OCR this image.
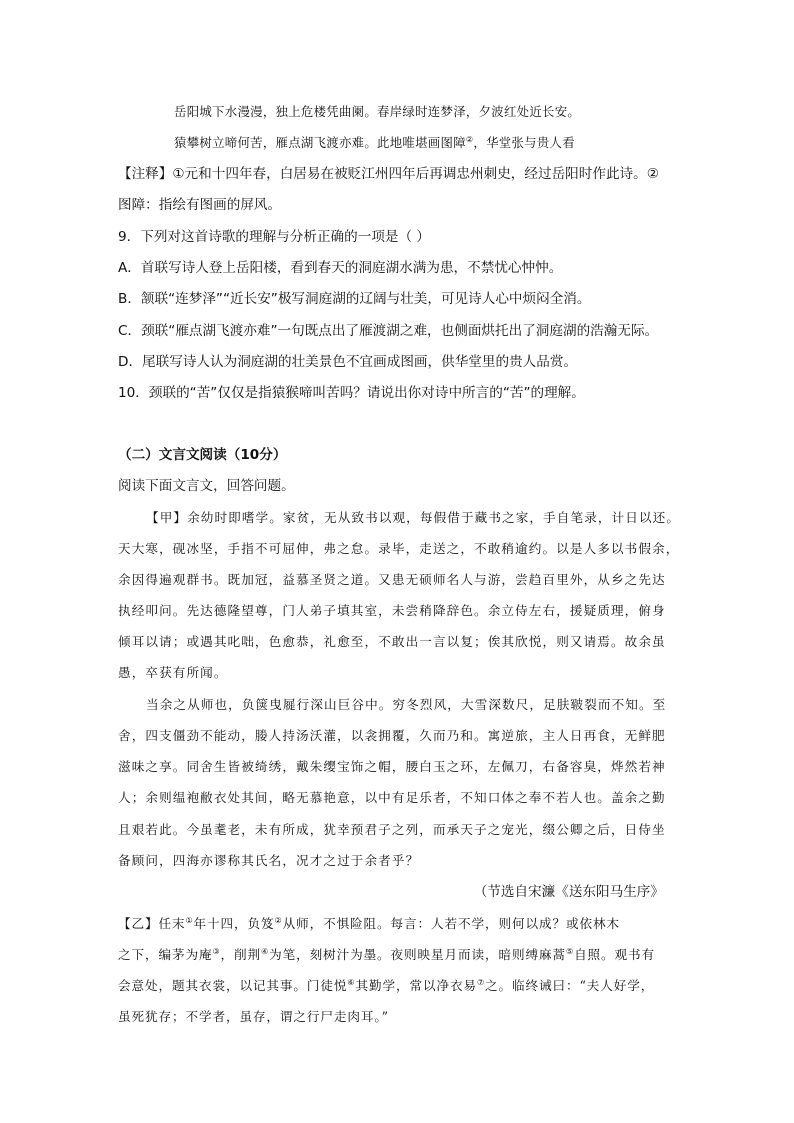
岳阳城下水漫漫，独上危楼凭曲阑。春岸绿时连梦泽，夕波红处近长安。
猿攀树立啼何苦，雁点湖飞渡亦难。此地唯堪画图障②，华堂张与贵人看
【注释】①元和十四年春，白居易在被贬江州四年后再调忠州刺史，经过岳阳时作此诗。②
图障：指绘有图画的屏风。
9．下列对这首诗歌的理解与分析正确的一项是（ ）
A．首联写诗人登上岳阳楼，看到春天的洞庭湖水满为患，不禁忧心忡忡。
B．颔联“连梦泽”“近长安”极写洞庭湖的辽阔与壮美，可见诗人心中烦闷全消。
C．颈联“雁点湖飞渡亦难”一句既点出了雁渡湖之难，也侧面烘托出了洞庭湖的浩瀚无际。
D．尾联写诗人认为洞庭湖的壮美景色不宜画成图画，供华堂里的贵人品赏。
10．颈联的“苦”仅仅是指猿猴啼叫苦吗？请说出你对诗中所言的“苦”的理解。
（二）文言文阅读（10分）
阅读下面文言文，回答问题。
【甲】余幼时即嗜学。家贫，无从致书以观，每假借于藏书之家，手自笔录，计日以还。
天大寒，砚冰坚，手指不可屈伸，弗之怠。录毕，走送之，不敢稍逾约。以是人多以书假余，
余因得遍观群书。既加冠，益慕圣贤之道。又患无硕师名人与游，尝趋百里外，从乡之先达
执经叩问。先达德隆望尊，门人弟子填其室，未尝稍降辞色。余立侍左右，援疑质理，俯身
倾耳以请；或遇其叱咄，色愈恭，礼愈至，不敢出一言以复；俟其欣悦，则又请焉。故余虽
愚，卒获有所闻。
当余之从师也，负箧曳屣行深山巨谷中。穷冬烈风，大雪深数尺，足肤皲裂而不知。至
舍，四支僵劲不能动，媵人持汤沃灌，以衾拥覆，久而乃和。寓逆旅，主人日再食，无鲜肥
滋味之享。同舍生皆被绮绣，戴朱缨宝饰之帽，腰白玉之环，左佩刀，右备容臭，烨然若神
人；余则缊袍敝衣处其间，略无慕艳意，以中有足乐者，不知口体之奉不若人也。盖余之勤
且艰若此。今虽耄老，未有所成，犹幸预君子之列，而承天子之宠光，缀公卿之后，日侍坐
备顾问，四海亦谬称其氏名，况才之过于余者乎？
（节选自宋濂《送东阳马生序》
【乙】任末①年十四，负笈②从师，不惧险阻。每言：人若不学，则何以成？或依林木
之下，编茅为庵③，削荆④为笔，刻树汁为墨。夜则映星月而读，暗则缚麻蒿⑤自照。观书有
会意处，题其衣裳，以记其事。门徒悦⑥其勤学，常以净衣易⑦之。临终诫曰：“夫人好学，
虽死犹存；不学者，虽存，谓之行尸走肉耳。”
